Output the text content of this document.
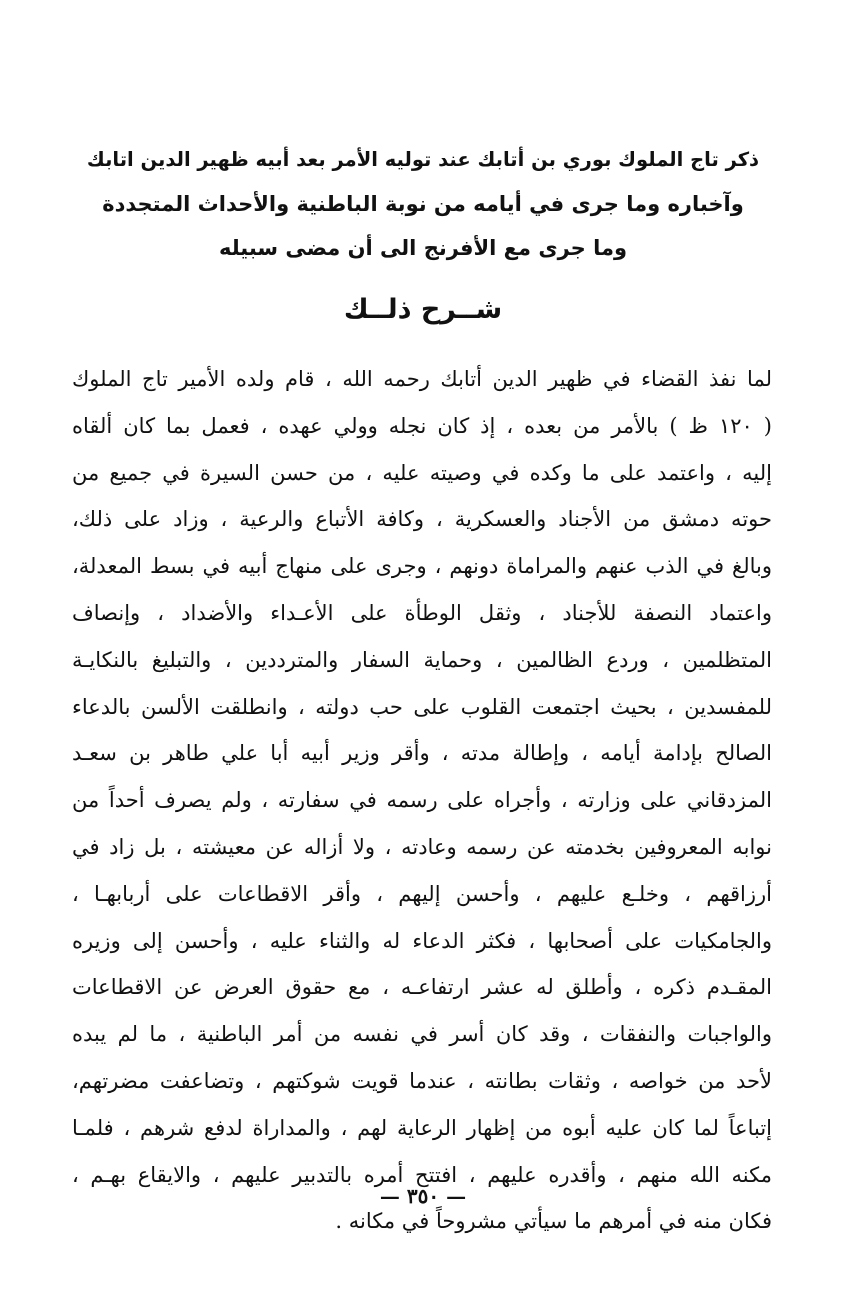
ذكر تاج الملوك بوري بن أتابك عند توليه الأمر بعد أبيه ظهير الدين اتابك
وآخباره وما جرى في أيامه من نوبة الباطنية والأحداث المتجددة
وما جرى مع الأفرنج الى أن مضى سبيله
شــرح ذلــك
لما نفذ القضاء في ظهير الدين أتابك رحمه الله ، قام ولده الأمير تاج الملوك
( ١٢٠ ظ ) بالأمر من بعده ، إذ كان نجله وولي عهده ، فعمل بما كان ألقاه
إليه ، واعتمد على ما وكده في وصيته عليه ، من حسن السيرة في جميع من
حوته دمشق من الأجناد والعسكرية ، وكافة الأتباع والرعية ، وزاد على ذلك،
وبالغ في الذب عنهم والمراماة دونهم ، وجرى على منهاج أبيه في بسط المعدلة،
واعتماد النصفة للأجناد ، وثقل الوطأة على الأعـداء والأضداد ، وإنصاف
المتظلمين ، وردع الظالمين ، وحماية السفار والمترددين ، والتبليغ بالنكايـة
للمفسدين ، بحيث اجتمعت القلوب على حب دولته ، وانطلقت الألسن بالدعاء
الصالح بإدامة أيامه ، وإطالة مدته ، وأقر وزير أبيه أبا علي طاهر بن سعـد
المزدقاني على وزارته ، وأجراه على رسمه في سفارته ، ولم يصرف أحداً من
نوابه المعروفين بخدمته عن رسمه وعادته ، ولا أزاله عن معيشته ، بل زاد في
أرزاقهم ، وخلـع عليهم ، وأحسن إليهم ، وأقر الاقطاعات على أربابهـا ،
والجامكيات على أصحابها ، فكثر الدعاء له والثناء عليه ، وأحسن إلى وزيره
المقـدم ذكره ، وأطلق له عشر ارتفاعـه ، مع حقوق العرض عن الاقطاعات
والواجبات والنفقات ، وقد كان أسر في نفسه من أمر الباطنية ، ما لم يبده
لأحد من خواصه ، وثقات بطانته ، عندما قويت شوكتهم ، وتضاعفت مضرتهم،
إتباعاً لما كان عليه أبوه من إظهار الرعاية لهم ، والمداراة لدفع شرهم ، فلمـا
مكنه الله منهم ، وأقدره عليهم ، افتتح أمره بالتدبير عليهم ، والايقاع بهـم ،
فكان منه في أمرهم ما سيأتي مشروحاً في مكانه .
— ٣٥٠ —
